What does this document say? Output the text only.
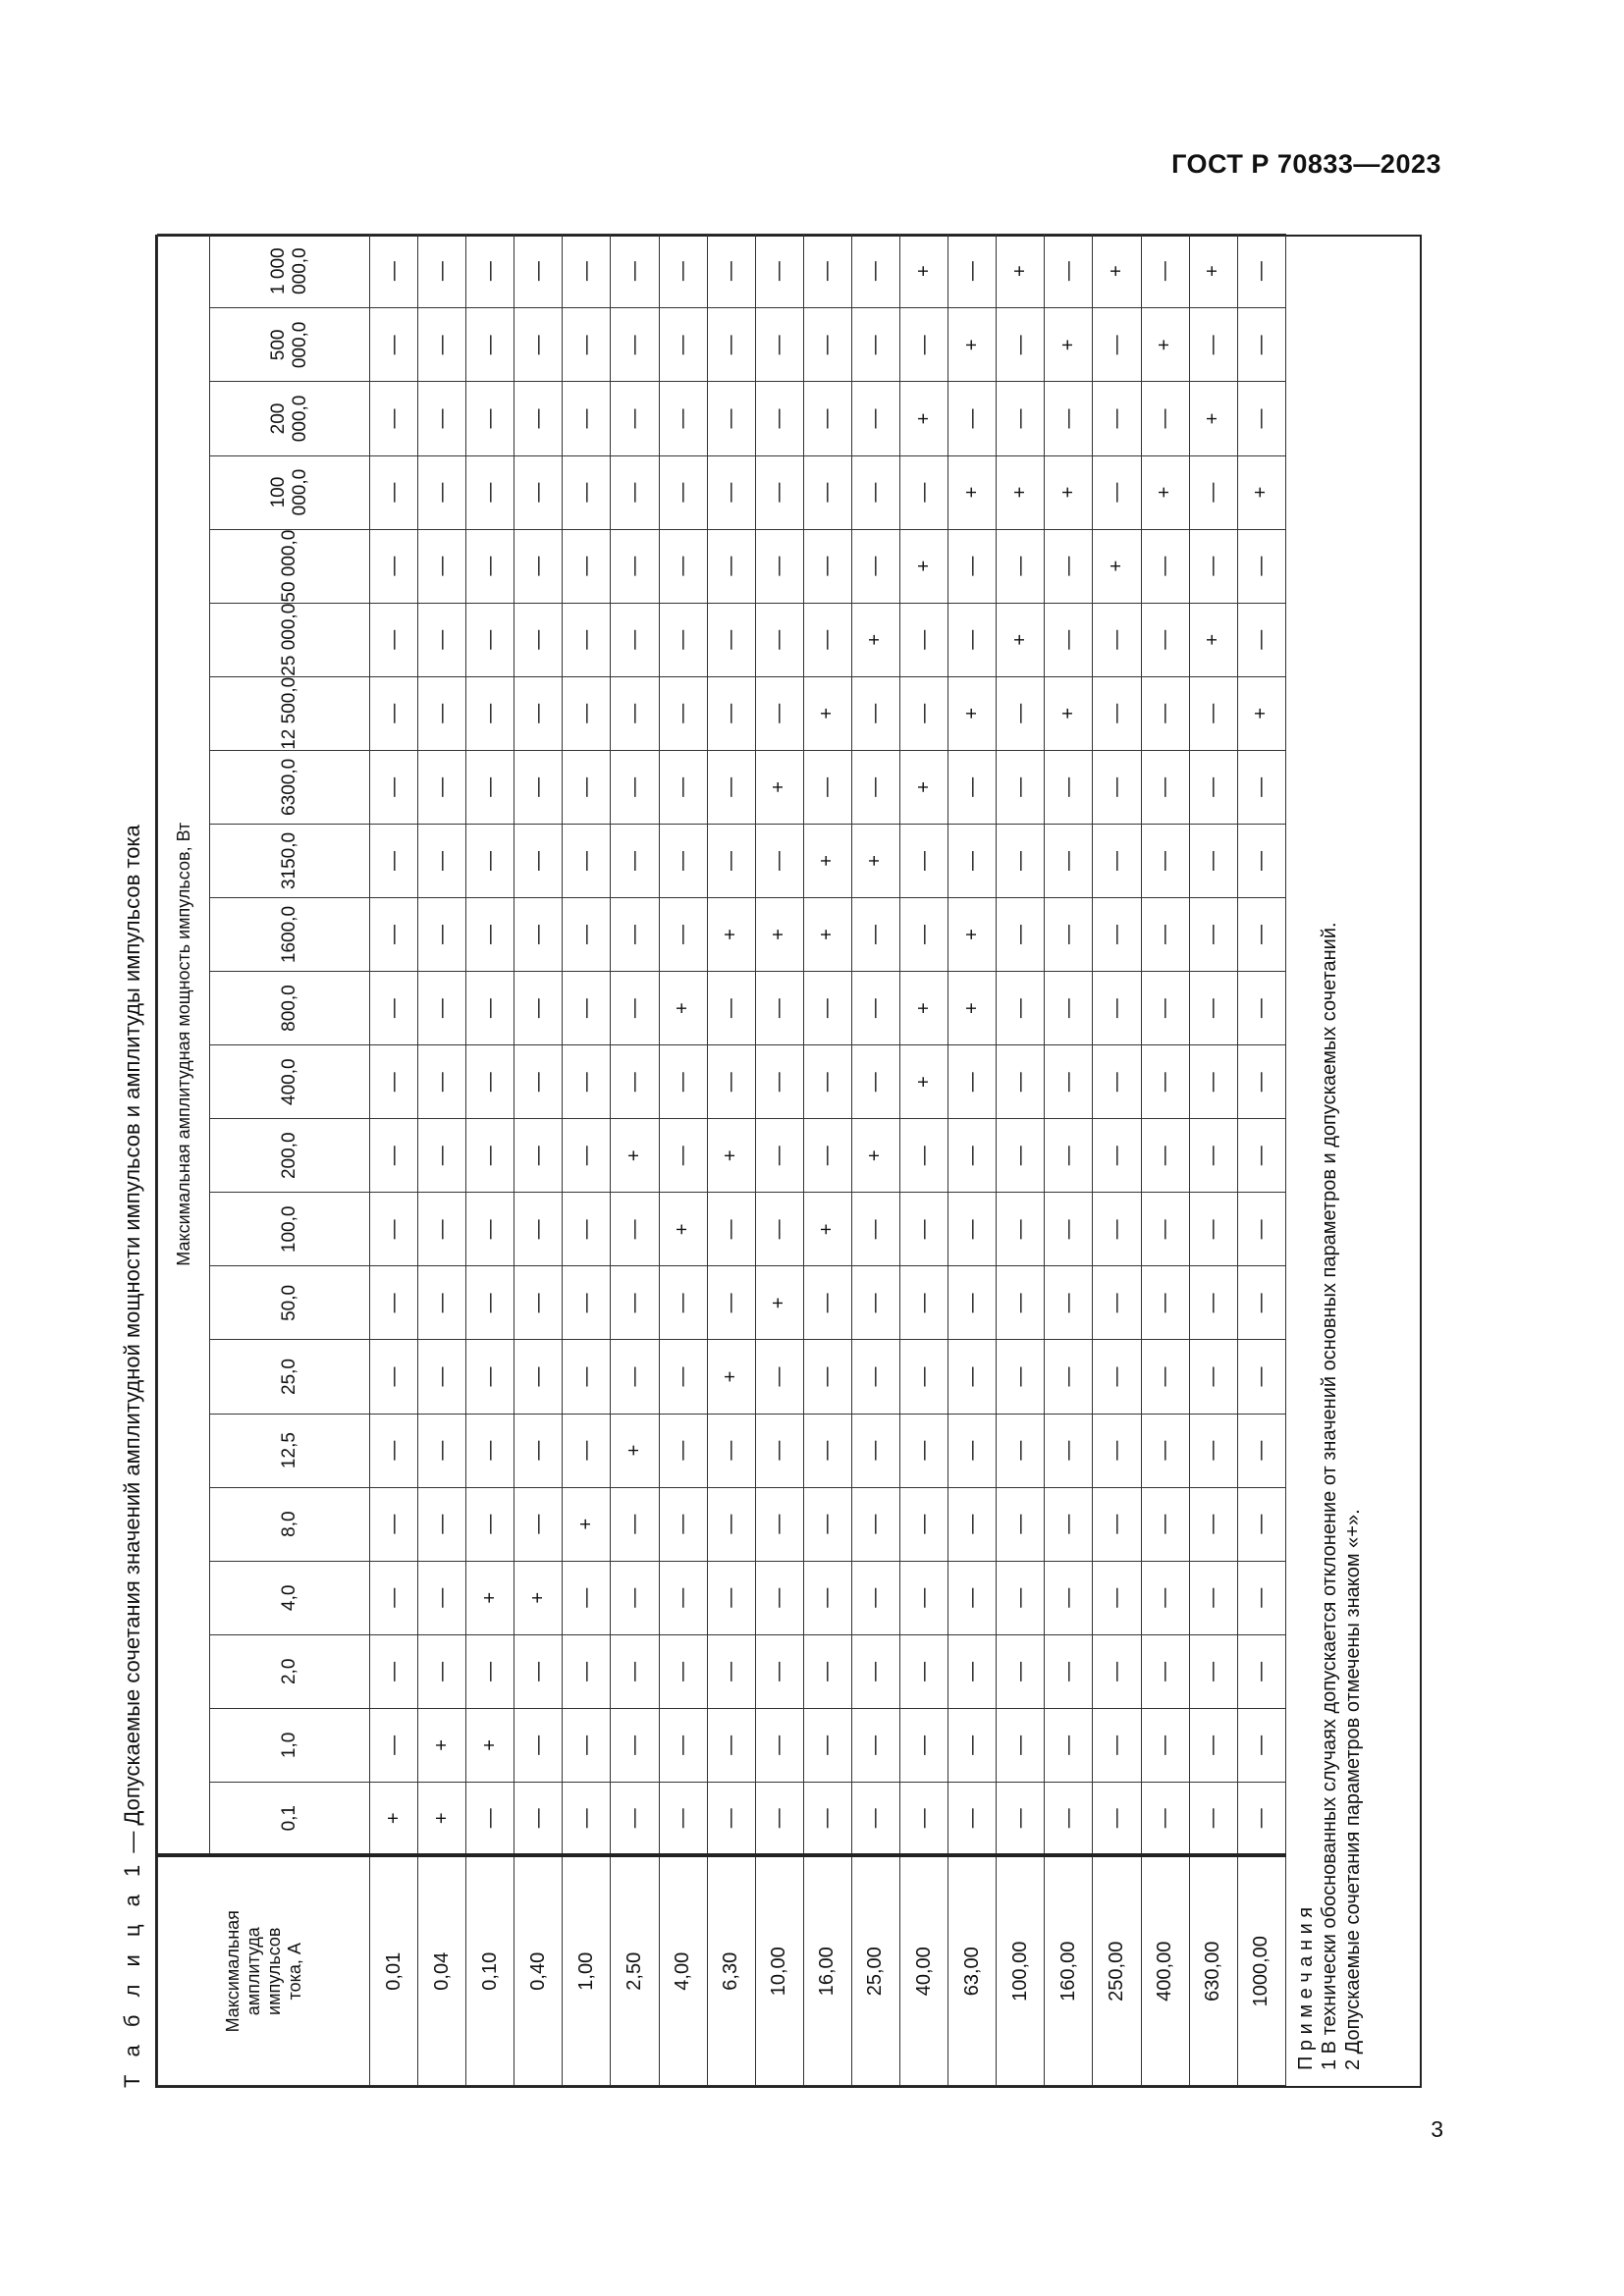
ГОСТ Р 70833—2023
Т а б л и ц а 1 — Допускаемые сочетания значений амплитудной мощности импульсов и амплитуды импульсов тока
Максимальная амплитуда импульсов тока, А	Максимальная амплитудная мощность импульсов, Вт																					
	0,1	1,0	2,0	4,0	8,0	12,5	25,0	50,0	100,0	200,0	400,0	800,0	1600,0	3150,0	6300,0	12 500,0	25 000,0	50 000,0	100 000,0	200 000,0	500 000,0	1 000 000,0
0,01	+	—	—	—	—	—	—	—	—	—	—	—	—	—	—	—	—	—	—	—	—	—
0,04	+	+	—	—	—	—	—	—	—	—	—	—	—	—	—	—	—	—	—	—	—	—
0,10	—	+	—	+	—	—	—	—	—	—	—	—	—	—	—	—	—	—	—	—	—	—
0,40	—	—	—	+	—	—	—	—	—	—	—	—	—	—	—	—	—	—	—	—	—	—
1,00	—	—	—	—	+	—	—	—	—	—	—	—	—	—	—	—	—	—	—	—	—	—
2,50	—	—	—	—	—	+	—	—	—	+	—	—	—	—	—	—	—	—	—	—	—	—
4,00	—	—	—	—	—	—	—	—	+	—	—	+	—	—	—	—	—	—	—	—	—	—
6,30	—	—	—	—	—	—	+	—	—	+	—	—	+	—	—	—	—	—	—	—	—	—
10,00	—	—	—	—	—	—	—	+	—	—	—	—	+	—	+	—	—	—	—	—	—	—
16,00	—	—	—	—	—	—	—	—	+	—	—	—	+	+	—	+	—	—	—	—	—	—
25,00	—	—	—	—	—	—	—	—	—	+	—	—	—	+	—	—	+	—	—	—	—	—
40,00	—	—	—	—	—	—	—	—	—	—	+	+	—	—	+	—	—	+	—	+	—	+
63,00	—	—	—	—	—	—	—	—	—	—	—	+	+	—	—	+	—	—	+	—	+	—
100,00	—	—	—	—	—	—	—	—	—	—	—	—	—	—	—	—	+	—	+	—	—	+
160,00	—	—	—	—	—	—	—	—	—	—	—	—	—	—	—	+	—	—	+	—	+	—
250,00	—	—	—	—	—	—	—	—	—	—	—	—	—	—	—	—	—	+	—	—	—	+
400,00	—	—	—	—	—	—	—	—	—	—	—	—	—	—	—	—	—	—	+	—	+	—
630,00	—	—	—	—	—	—	—	—	—	—	—	—	—	—	—	—	+	—	—	+	—	+
1000,00	—	—	—	—	—	—	—	—	—	—	—	—	—	—	—	+	—	—	+	—	—	—
П р и м е ч а н и я 1 В технически обоснованных случаях допускается отклонение от значений основных параметров и допускаемых сочетаний. 2 Допускаемые сочетания параметров отмечены знаком «+».
3
